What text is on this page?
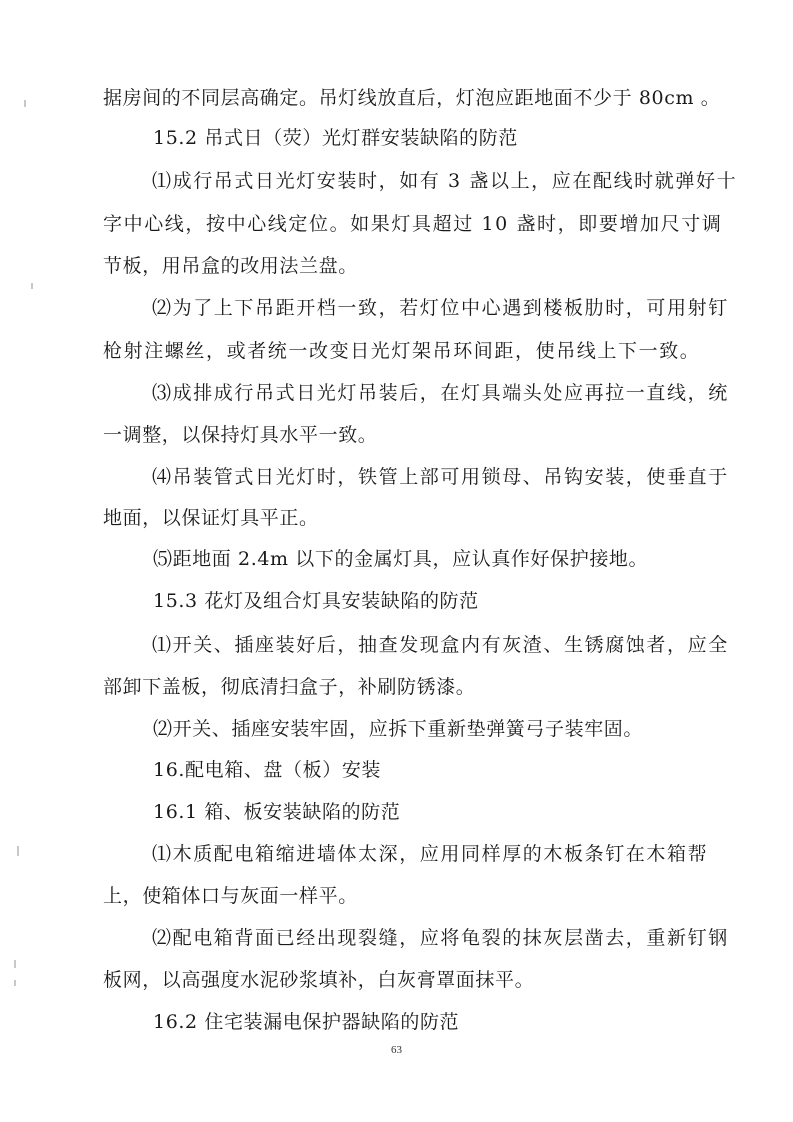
据房间的不同层高确定。吊灯线放直后，灯泡应距地面不少于 80cm 。
15.2 吊式日（荧）光灯群安装缺陷的防范
⑴成行吊式日光灯安装时，如有 3 盏以上，应在配线时就弹好十
字中心线，按中心线定位。如果灯具超过 10 盏时，即要增加尺寸调
节板，用吊盒的改用法兰盘。
⑵为了上下吊距开档一致，若灯位中心遇到楼板肋时，可用射钉
枪射注螺丝，或者统一改变日光灯架吊环间距，使吊线上下一致。
⑶成排成行吊式日光灯吊装后，在灯具端头处应再拉一直线，统
一调整，以保持灯具水平一致。
⑷吊装管式日光灯时，铁管上部可用锁母、吊钩安装，使垂直于
地面，以保证灯具平正。
⑸距地面 2.4m 以下的金属灯具，应认真作好保护接地。
15.3 花灯及组合灯具安装缺陷的防范
⑴开关、插座装好后，抽查发现盒内有灰渣、生锈腐蚀者，应全
部卸下盖板，彻底清扫盒子，补刷防锈漆。
⑵开关、插座安装牢固，应拆下重新垫弹簧弓子装牢固。
16.配电箱、盘（板）安装
16.1 箱、板安装缺陷的防范
⑴木质配电箱缩进墙体太深，应用同样厚的木板条钉在木箱帮
上，使箱体口与灰面一样平。
⑵配电箱背面已经出现裂缝，应将龟裂的抹灰层凿去，重新钉钢
板网，以高强度水泥砂浆填补，白灰膏罩面抹平。
16.2 住宅装漏电保护器缺陷的防范
63
